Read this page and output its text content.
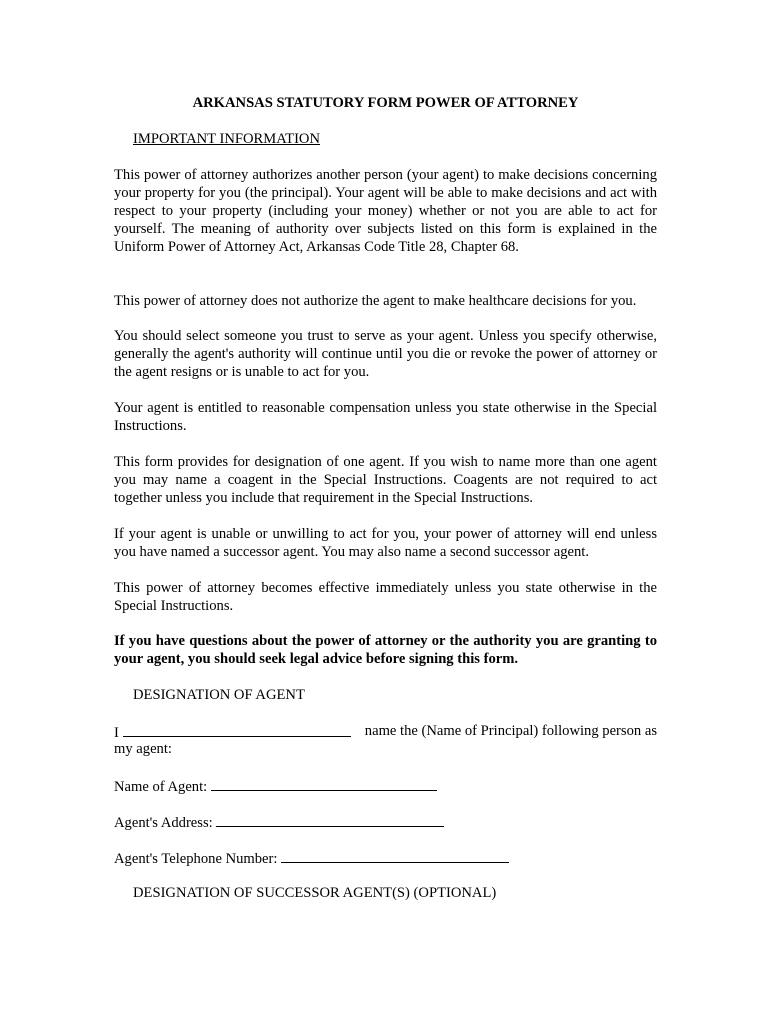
ARKANSAS STATUTORY FORM POWER OF ATTORNEY
IMPORTANT INFORMATION
This power of attorney authorizes another person (your agent) to make decisions concerning your property for you (the principal). Your agent will be able to make decisions and act with respect to your property (including your money) whether or not you are able to act for yourself. The meaning of authority over subjects listed on this form is explained in the Uniform Power of Attorney Act, Arkansas Code Title 28, Chapter 68.
This power of attorney does not authorize the agent to make healthcare decisions for you.
You should select someone you trust to serve as your agent. Unless you specify otherwise, generally the agent's authority will continue until you die or revoke the power of attorney or the agent resigns or is unable to act for you.
Your agent is entitled to reasonable compensation unless you state otherwise in the Special Instructions.
This form provides for designation of one agent. If you wish to name more than one agent you may name a coagent in the Special Instructions. Coagents are not required to act together unless you include that requirement in the Special Instructions.
If your agent is unable or unwilling to act for you, your power of attorney will end unless you have named a successor agent. You may also name a second successor agent.
This power of attorney becomes effective immediately unless you state otherwise in the Special Instructions.
If you have questions about the power of attorney or the authority you are granting to your agent, you should seek legal advice before signing this form.
DESIGNATION OF AGENT
I	name the (Name of Principal) following person as
my agent:
Name of Agent:
Agent's Address:
Agent's Telephone Number:
DESIGNATION OF SUCCESSOR AGENT(S) (OPTIONAL)
